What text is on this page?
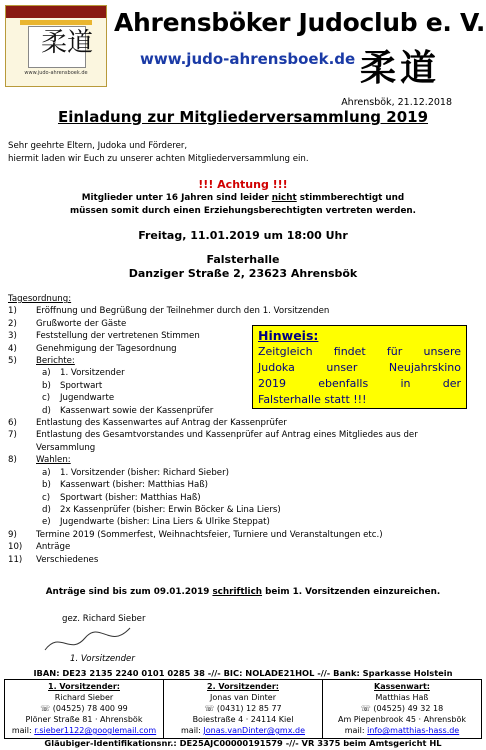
柔道
www.judo-ahrensboek.de
Ahrensböker Judoclub e. V.
www.judo-ahrensboek.de 柔道
Ahrensbök, 21.12.2018
Einladung zur Mitgliederversammlung 2019
Sehr geehrte Eltern, Judoka und Förderer,
hiermit laden wir Euch zu unserer achten Mitgliederversammlung ein.
!!! Achtung !!!
Mitglieder unter 16 Jahren sind leider nicht stimmberechtigt und
müssen somit durch einen Erziehungsberechtigten vertreten werden.
Freitag, 11.01.2019 um 18:00 Uhr
Falsterhalle
Danziger Straße 2, 23623 Ahrensbök
Tagesordnung:
1) Eröffnung und Begrüßung der Teilnehmer durch den 1. Vorsitzenden
2) Grußworte der Gäste
3) Feststellung der vertretenen Stimmen
4) Genehmigung der Tagesordnung
5) Berichte:
a) 1. Vorsitzender
b) Sportwart
c) Jugendwarte
d) Kassenwart sowie der Kassenprüfer
6) Entlastung des Kassenwartes auf Antrag der Kassenprüfer
7) Entlastung des Gesamtvorstandes und Kassenprüfer auf Antrag eines Mitgliedes aus der
Versammlung
8) Wahlen:
a) 1. Vorsitzender (bisher: Richard Sieber)
b) Kassenwart (bisher: Matthias Haß)
c) Sportwart (bisher: Matthias Haß)
d) 2x Kassenprüfer (bisher: Erwin Böcker & Lina Liers)
e) Jugendwarte (bisher: Lina Liers & Ulrike Steppat)
9) Termine 2019 (Sommerfest, Weihnachtsfeier, Turniere und Veranstaltungen etc.)
10) Anträge
11) Verschiedenes
Hinweis:
Zeitgleich findet für unsere
Judoka unser Neujahrskino
2019 ebenfalls in der
Falsterhalle statt !!!
Anträge sind bis zum 09.01.2019 schriftlich beim 1. Vorsitzenden einzureichen.
gez. Richard Sieber
1. Vorsitzender
IBAN: DE23 2135 2240 0101 0285 38 -//- BIC: NOLADE21HOL -//- Bank: Sparkasse Holstein
1. Vorsitzender:
Richard Sieber
☏ (04525) 78 400 99
Plöner Straße 81 · Ahrensbök
mail: r.sieber1122@googlemail.com
2. Vorsitzender:
Jonas van Dinter
☏ (0431) 12 85 77
Boiestraße 4 · 24114 Kiel
mail: Jonas.vanDinter@gmx.de
Kassenwart:
Matthias Haß
☏ (04525) 49 32 18
Am Piepenbrook 45 · Ahrensbök
mail: info@matthias-hass.de
Gläubiger-Identifikationsnr.: DE25AJC00000191579 -//- VR 3375 beim Amtsgericht HL
